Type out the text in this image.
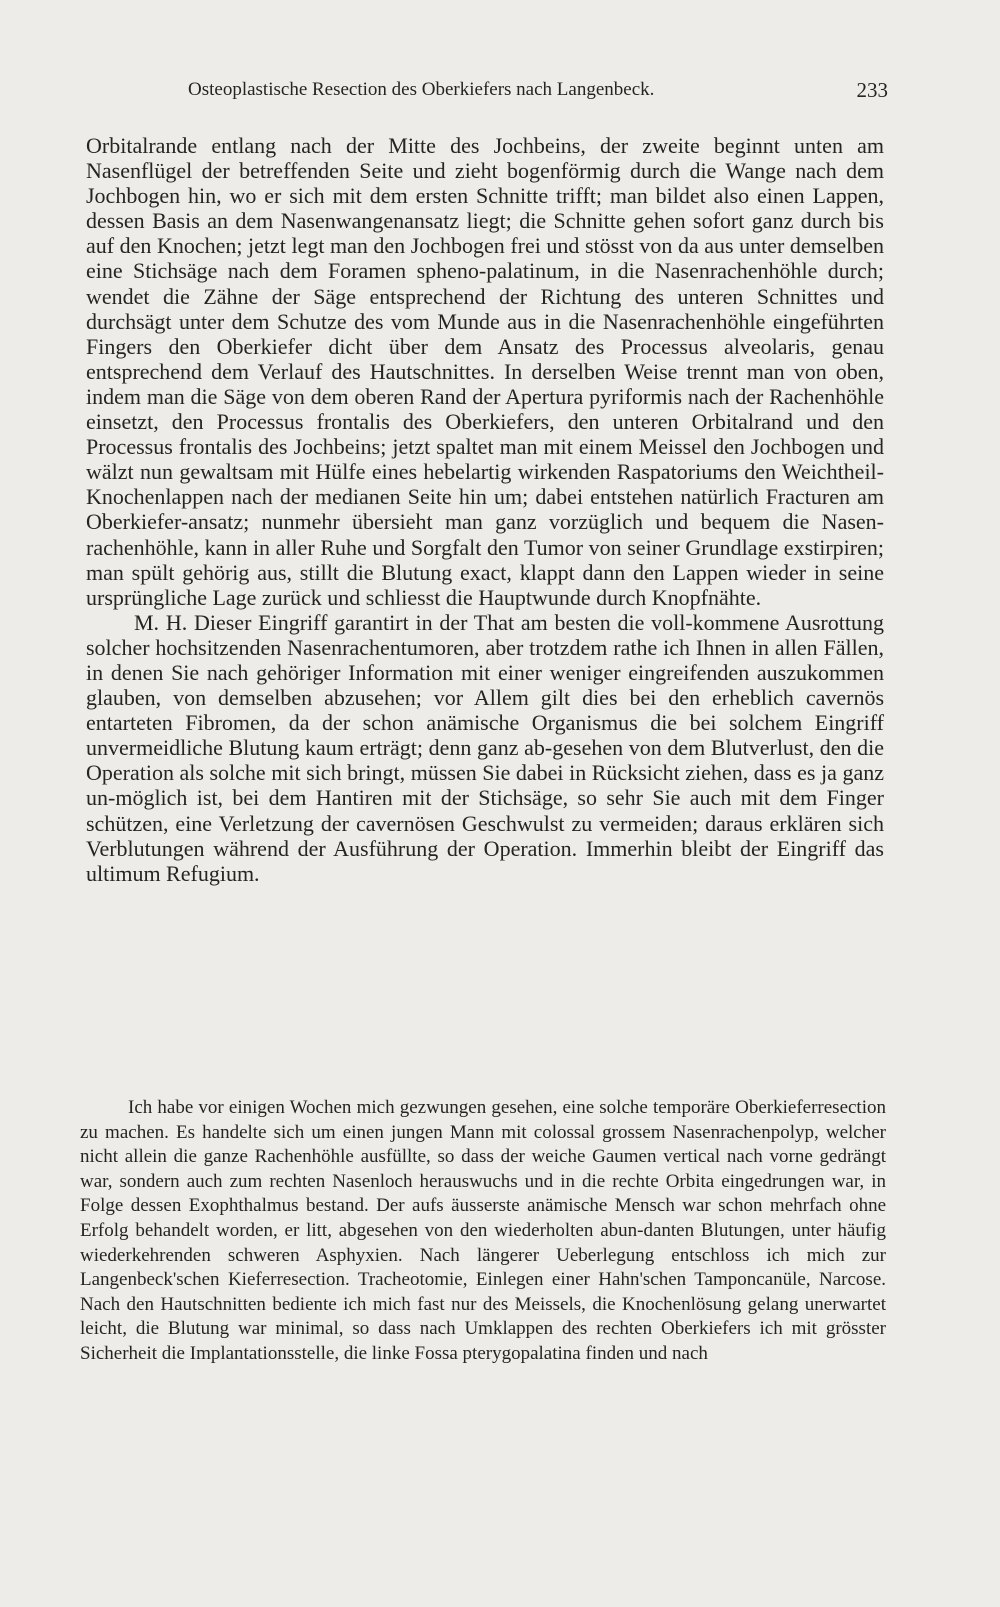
Osteoplastische Resection des Oberkiefers nach Langenbeck.	233

Orbitalrande entlang nach der Mitte des Jochbeins, der zweite beginnt unten am Nasenflügel der betreffenden Seite und zieht bogenförmig durch die Wange nach dem Jochbogen hin, wo er sich mit dem ersten Schnitte trifft; man bildet also einen Lappen, dessen Basis an dem Nasenwangenansatz liegt; die Schnitte gehen sofort ganz durch bis auf den Knochen; jetzt legt man den Jochbogen frei und stösst von da aus unter demselben eine Stichsäge nach dem Foramen spheno-palatinum, in die Nasenrachenhöhle durch; wendet die Zähne der Säge entsprechend der Richtung des unteren Schnittes und durchsägt unter dem Schutze des vom Munde aus in die Nasenrachenhöhle eingeführten Fingers den Oberkiefer dicht über dem Ansatz des Processus alveolaris, genau entsprechend dem Verlauf des Hautschnittes. In derselben Weise trennt man von oben, indem man die Säge von dem oberen Rand der Apertura pyriformis nach der Rachenhöhle einsetzt, den Processus frontalis des Oberkiefers, den unteren Orbitalrand und den Processus frontalis des Jochbeins; jetzt spaltet man mit einem Meissel den Jochbogen und wälzt nun gewaltsam mit Hülfe eines hebelartig wirkenden Raspatoriums den Weichtheil-Knochenlappen nach der medianen Seite hin um; dabei entstehen natürlich Fracturen am Oberkiefer-ansatz; nunmehr übersieht man ganz vorzüglich und bequem die Nasen-rachenhöhle, kann in aller Ruhe und Sorgfalt den Tumor von seiner Grundlage exstirpiren; man spült gehörig aus, stillt die Blutung exact, klappt dann den Lappen wieder in seine ursprüngliche Lage zurück und schliesst die Hauptwunde durch Knopfnähte.

M. H. Dieser Eingriff garantirt in der That am besten die voll-kommene Ausrottung solcher hochsitzenden Nasenrachentumoren, aber trotzdem rathe ich Ihnen in allen Fällen, in denen Sie nach gehöriger Information mit einer weniger eingreifenden auszukommen glauben, von demselben abzusehen; vor Allem gilt dies bei den erheblich cavernös entarteten Fibromen, da der schon anämische Organismus die bei solchem Eingriff unvermeidliche Blutung kaum erträgt; denn ganz ab-gesehen von dem Blutverlust, den die Operation als solche mit sich bringt, müssen Sie dabei in Rücksicht ziehen, dass es ja ganz un-möglich ist, bei dem Hantiren mit der Stichsäge, so sehr Sie auch mit dem Finger schützen, eine Verletzung der cavernösen Geschwulst zu vermeiden; daraus erklären sich Verblutungen während der Ausführung der Operation. Immerhin bleibt der Eingriff das ultimum Refugium.

Ich habe vor einigen Wochen mich gezwungen gesehen, eine solche temporäre Oberkieferresection zu machen. Es handelte sich um einen jungen Mann mit colossal grossem Nasenrachenpolyp, welcher nicht allein die ganze Rachenhöhle ausfüllte, so dass der weiche Gaumen vertical nach vorne gedrängt war, sondern auch zum rechten Nasenloch herauswuchs und in die rechte Orbita eingedrungen war, in Folge dessen Exophthalmus bestand. Der aufs äusserste anämische Mensch war schon mehrfach ohne Erfolg behandelt worden, er litt, abgesehen von den wiederholten abun-danten Blutungen, unter häufig wiederkehrenden schweren Asphyxien. Nach längerer Ueberlegung entschloss ich mich zur Langenbeck'schen Kieferresection. Tracheotomie, Einlegen einer Hahn'schen Tamponcanüle, Narcose. Nach den Hautschnitten bediente ich mich fast nur des Meissels, die Knochenlösung gelang unerwartet leicht, die Blutung war minimal, so dass nach Umklappen des rechten Oberkiefers ich mit grösster Sicherheit die Implantationsstelle, die linke Fossa pterygopalatina finden und nach
